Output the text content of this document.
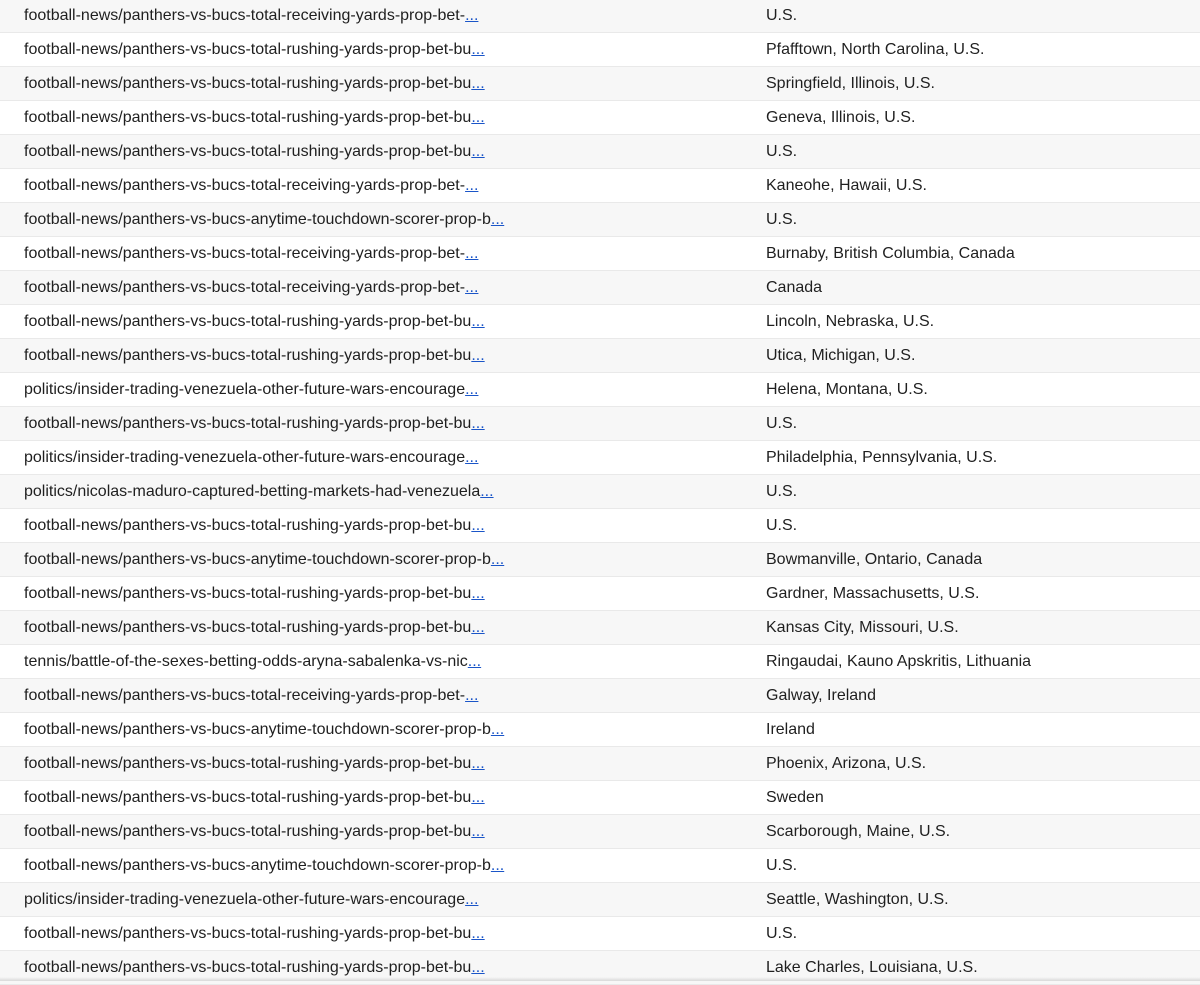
football-news/panthers-vs-bucs-total-receiving-yards-prop-bet-...	U.S.
football-news/panthers-vs-bucs-total-rushing-yards-prop-bet-bu...	Pfafftown, North Carolina, U.S.
football-news/panthers-vs-bucs-total-rushing-yards-prop-bet-bu...	Springfield, Illinois, U.S.
football-news/panthers-vs-bucs-total-rushing-yards-prop-bet-bu...	Geneva, Illinois, U.S.
football-news/panthers-vs-bucs-total-rushing-yards-prop-bet-bu...	U.S.
football-news/panthers-vs-bucs-total-receiving-yards-prop-bet-...	Kaneohe, Hawaii, U.S.
football-news/panthers-vs-bucs-anytime-touchdown-scorer-prop-b...	U.S.
football-news/panthers-vs-bucs-total-receiving-yards-prop-bet-...	Burnaby, British Columbia, Canada
football-news/panthers-vs-bucs-total-receiving-yards-prop-bet-...	Canada
football-news/panthers-vs-bucs-total-rushing-yards-prop-bet-bu...	Lincoln, Nebraska, U.S.
football-news/panthers-vs-bucs-total-rushing-yards-prop-bet-bu...	Utica, Michigan, U.S.
politics/insider-trading-venezuela-other-future-wars-encourage...	Helena, Montana, U.S.
football-news/panthers-vs-bucs-total-rushing-yards-prop-bet-bu...	U.S.
politics/insider-trading-venezuela-other-future-wars-encourage...	Philadelphia, Pennsylvania, U.S.
politics/nicolas-maduro-captured-betting-markets-had-venezuela...	U.S.
football-news/panthers-vs-bucs-total-rushing-yards-prop-bet-bu...	U.S.
football-news/panthers-vs-bucs-anytime-touchdown-scorer-prop-b...	Bowmanville, Ontario, Canada
football-news/panthers-vs-bucs-total-rushing-yards-prop-bet-bu...	Gardner, Massachusetts, U.S.
football-news/panthers-vs-bucs-total-rushing-yards-prop-bet-bu...	Kansas City, Missouri, U.S.
tennis/battle-of-the-sexes-betting-odds-aryna-sabalenka-vs-nic...	Ringaudai, Kauno Apskritis, Lithuania
football-news/panthers-vs-bucs-total-receiving-yards-prop-bet-...	Galway, Ireland
football-news/panthers-vs-bucs-anytime-touchdown-scorer-prop-b...	Ireland
football-news/panthers-vs-bucs-total-rushing-yards-prop-bet-bu...	Phoenix, Arizona, U.S.
football-news/panthers-vs-bucs-total-rushing-yards-prop-bet-bu...	Sweden
football-news/panthers-vs-bucs-total-rushing-yards-prop-bet-bu...	Scarborough, Maine, U.S.
football-news/panthers-vs-bucs-anytime-touchdown-scorer-prop-b...	U.S.
politics/insider-trading-venezuela-other-future-wars-encourage...	Seattle, Washington, U.S.
football-news/panthers-vs-bucs-total-rushing-yards-prop-bet-bu...	U.S.
football-news/panthers-vs-bucs-total-rushing-yards-prop-bet-bu...	Lake Charles, Louisiana, U.S.
